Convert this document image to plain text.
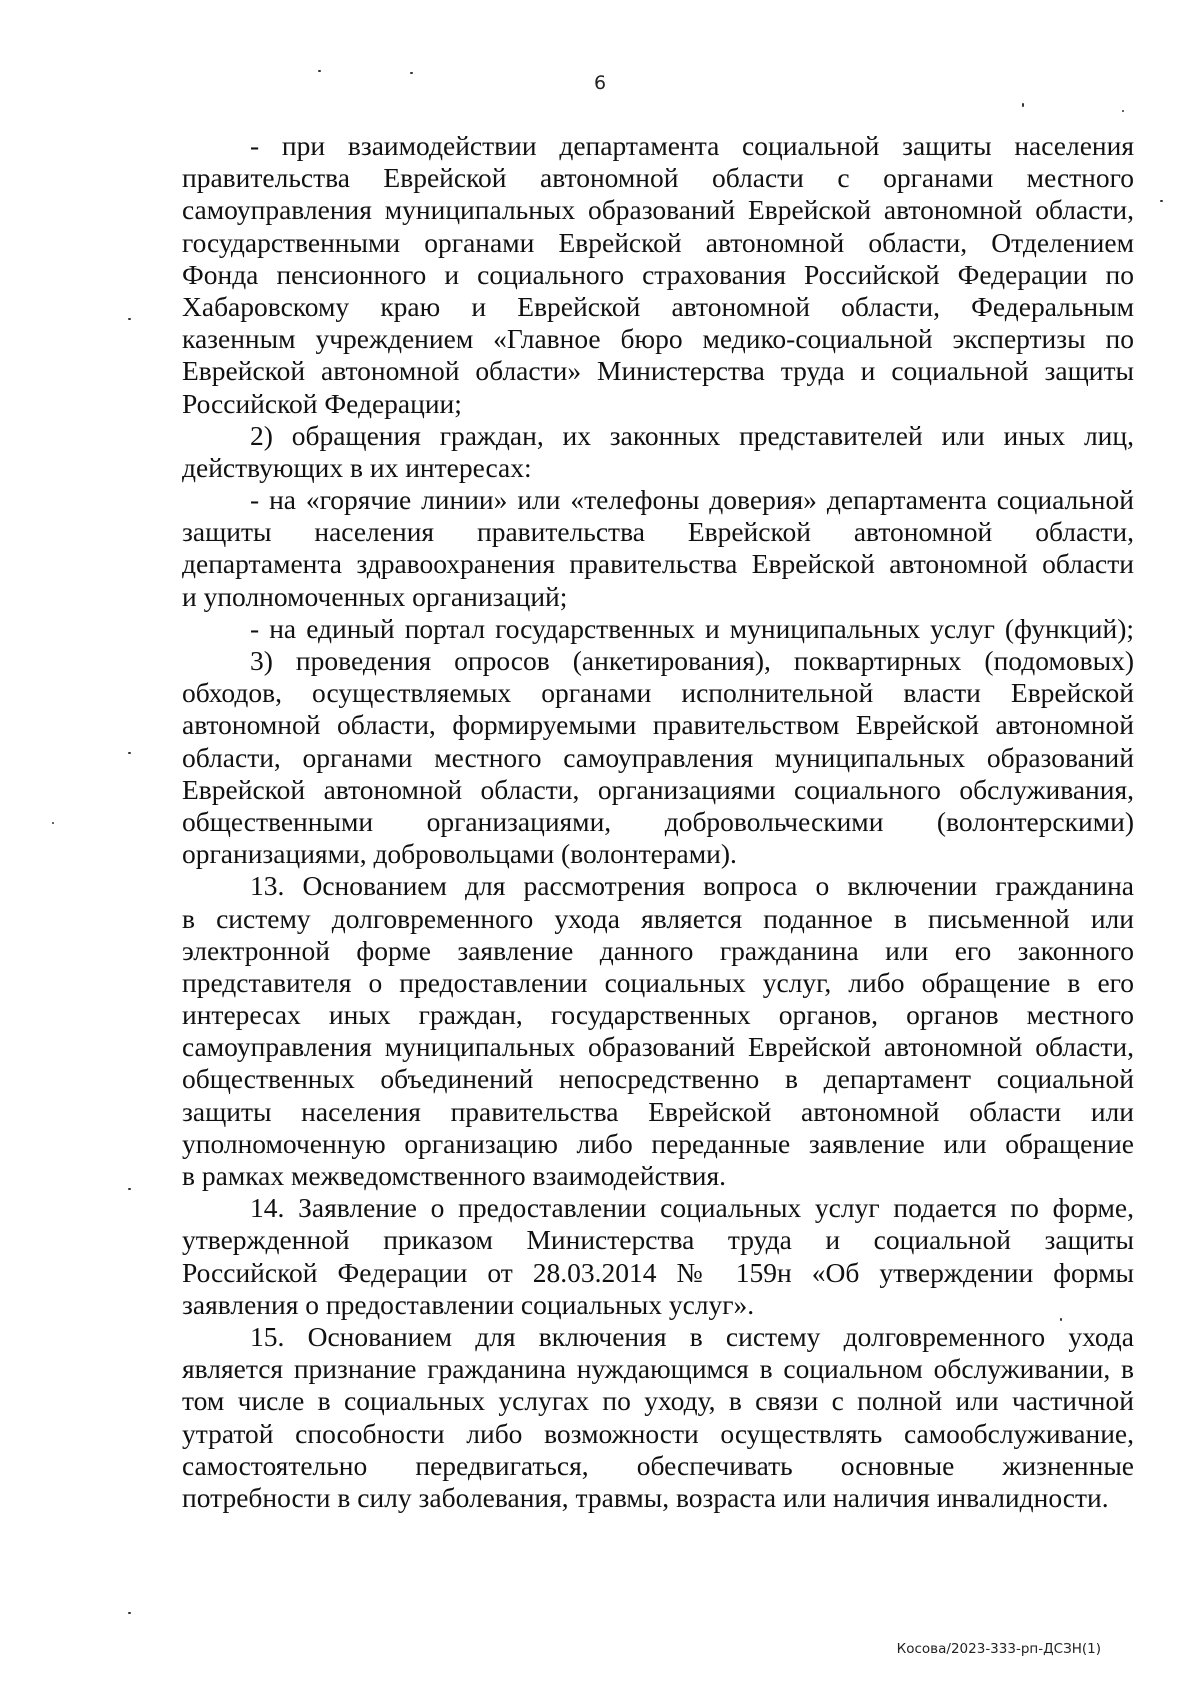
6
- при взаимодействии департамента социальной защиты населения
правительства Еврейской автономной области с органами местного
самоуправления муниципальных образований Еврейской автономной области,
государственными органами Еврейской автономной области, Отделением
Фонда пенсионного и социального страхования Российской Федерации по
Хабаровскому краю и Еврейской автономной области, Федеральным
казенным учреждением «Главное бюро медико-социальной экспертизы по
Еврейской автономной области» Министерства труда и социальной защиты
Российской Федерации;
2) обращения граждан, их законных представителей или иных лиц,
действующих в их интересах:
- на «горячие линии» или «телефоны доверия» департамента социальной
защиты населения правительства Еврейской автономной области,
департамента здравоохранения правительства Еврейской автономной области
и уполномоченных организаций;
- на единый портал государственных и муниципальных услуг (функций);
3) проведения опросов (анкетирования), поквартирных (подомовых)
обходов, осуществляемых органами исполнительной власти Еврейской
автономной области, формируемыми правительством Еврейской автономной
области, органами местного самоуправления муниципальных образований
Еврейской автономной области, организациями социального обслуживания,
общественными организациями, добровольческими (волонтерскими)
организациями, добровольцами (волонтерами).
13. Основанием для рассмотрения вопроса о включении гражданина
в систему долговременного ухода является поданное в письменной или
электронной форме заявление данного гражданина или его законного
представителя о предоставлении социальных услуг, либо обращение в его
интересах иных граждан, государственных органов, органов местного
самоуправления муниципальных образований Еврейской автономной области,
общественных объединений непосредственно в департамент социальной
защиты населения правительства Еврейской автономной области или
уполномоченную организацию либо переданные заявление или обращение
в рамках межведомственного взаимодействия.
14. Заявление о предоставлении социальных услуг подается по форме,
утвержденной приказом Министерства труда и социальной защиты
Российской Федерации от 28.03.2014 № 159н «Об утверждении формы
заявления о предоставлении социальных услуг».
15. Основанием для включения в систему долговременного ухода
является признание гражданина нуждающимся в социальном обслуживании, в
том числе в социальных услугах по уходу, в связи с полной или частичной
утратой способности либо возможности осуществлять самообслуживание,
самостоятельно передвигаться, обеспечивать основные жизненные
потребности в силу заболевания, травмы, возраста или наличия инвалидности.
Косова/2023-333-рп-ДСЗН(1)
